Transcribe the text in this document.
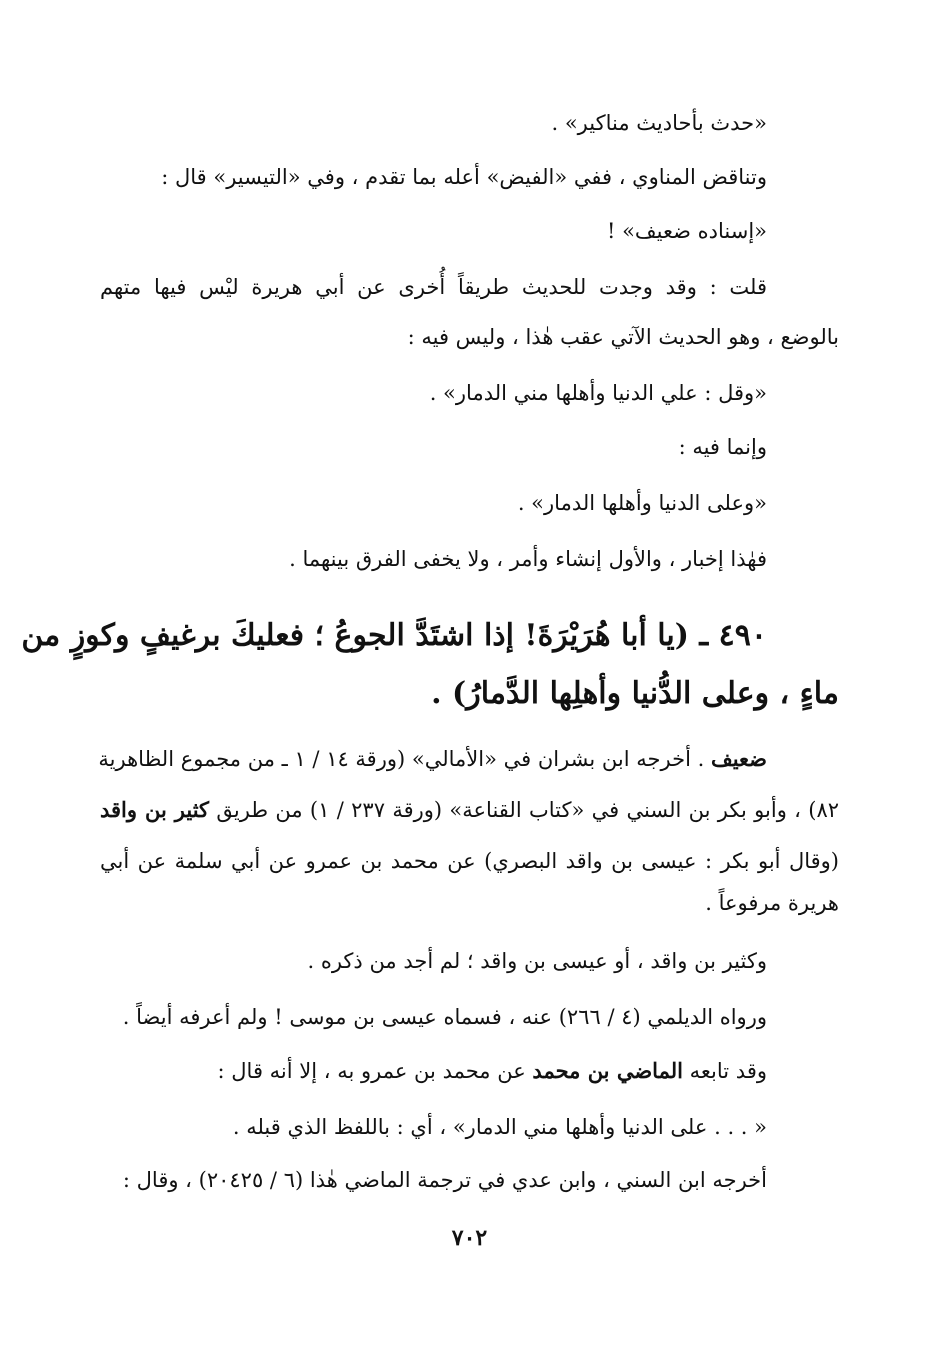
«حدث بأحاديث مناكير» .
وتناقض المناوي ، ففي «الفيض» أعله بما تقدم ، وفي «التيسير» قال :
«إسناده ضعيف» !
قلت : وقد وجدت للحديث طريقاً أُخرى عن أبي هريرة ليْس فيها متهم
بالوضع ، وهو الحديث الآتي عقب هٰذا ، وليس فيه :
«وقل : علي الدنيا وأهلها مني الدمار» .
وإنما فيه :
«وعلى الدنيا وأهلها الدمار» .
فهٰذا إخبار ، والأول إنشاء وأمر ، ولا يخفى الفرق بينهما .
٤٩٠ ـ (يا أبا هُرَيْرَةَ! إذا اشتَدَّ الجوعُ ؛ فعليكَ برغيفٍ وكوزٍ من
ماءٍ ، وعلى الدُّنيا وأهلِها الدَّمارُ) .
ضعيف . أخرجه ابن بشران في «الأمالي» (ورقة ١٤ / ١ ـ من مجموع الظاهرية
٨٢) ، وأبو بكر بن السني في «كتاب القناعة» (ورقة ٢٣٧ / ١) من طريق كثير بن واقد
(وقال أبو بكر : عيسى بن واقد البصري) عن محمد بن عمرو عن أبي سلمة عن أبي
هريرة مرفوعاً .
وكثير بن واقد ، أو عيسى بن واقد ؛ لم أجد من ذكره .
ورواه الديلمي (٤ / ٢٦٦) عنه ، فسماه عيسى بن موسى ! ولم أعرفه أيضاً .
وقد تابعه الماضي بن محمد عن محمد بن عمرو به ، إلا أنه قال :
« . . . على الدنيا وأهلها مني الدمار» ، أي : باللفظ الذي قبله .
أخرجه ابن السني ، وابن عدي في ترجمة الماضي هٰذا (٦ / ٢٠٤٢٥) ، وقال :
٧٠٢
